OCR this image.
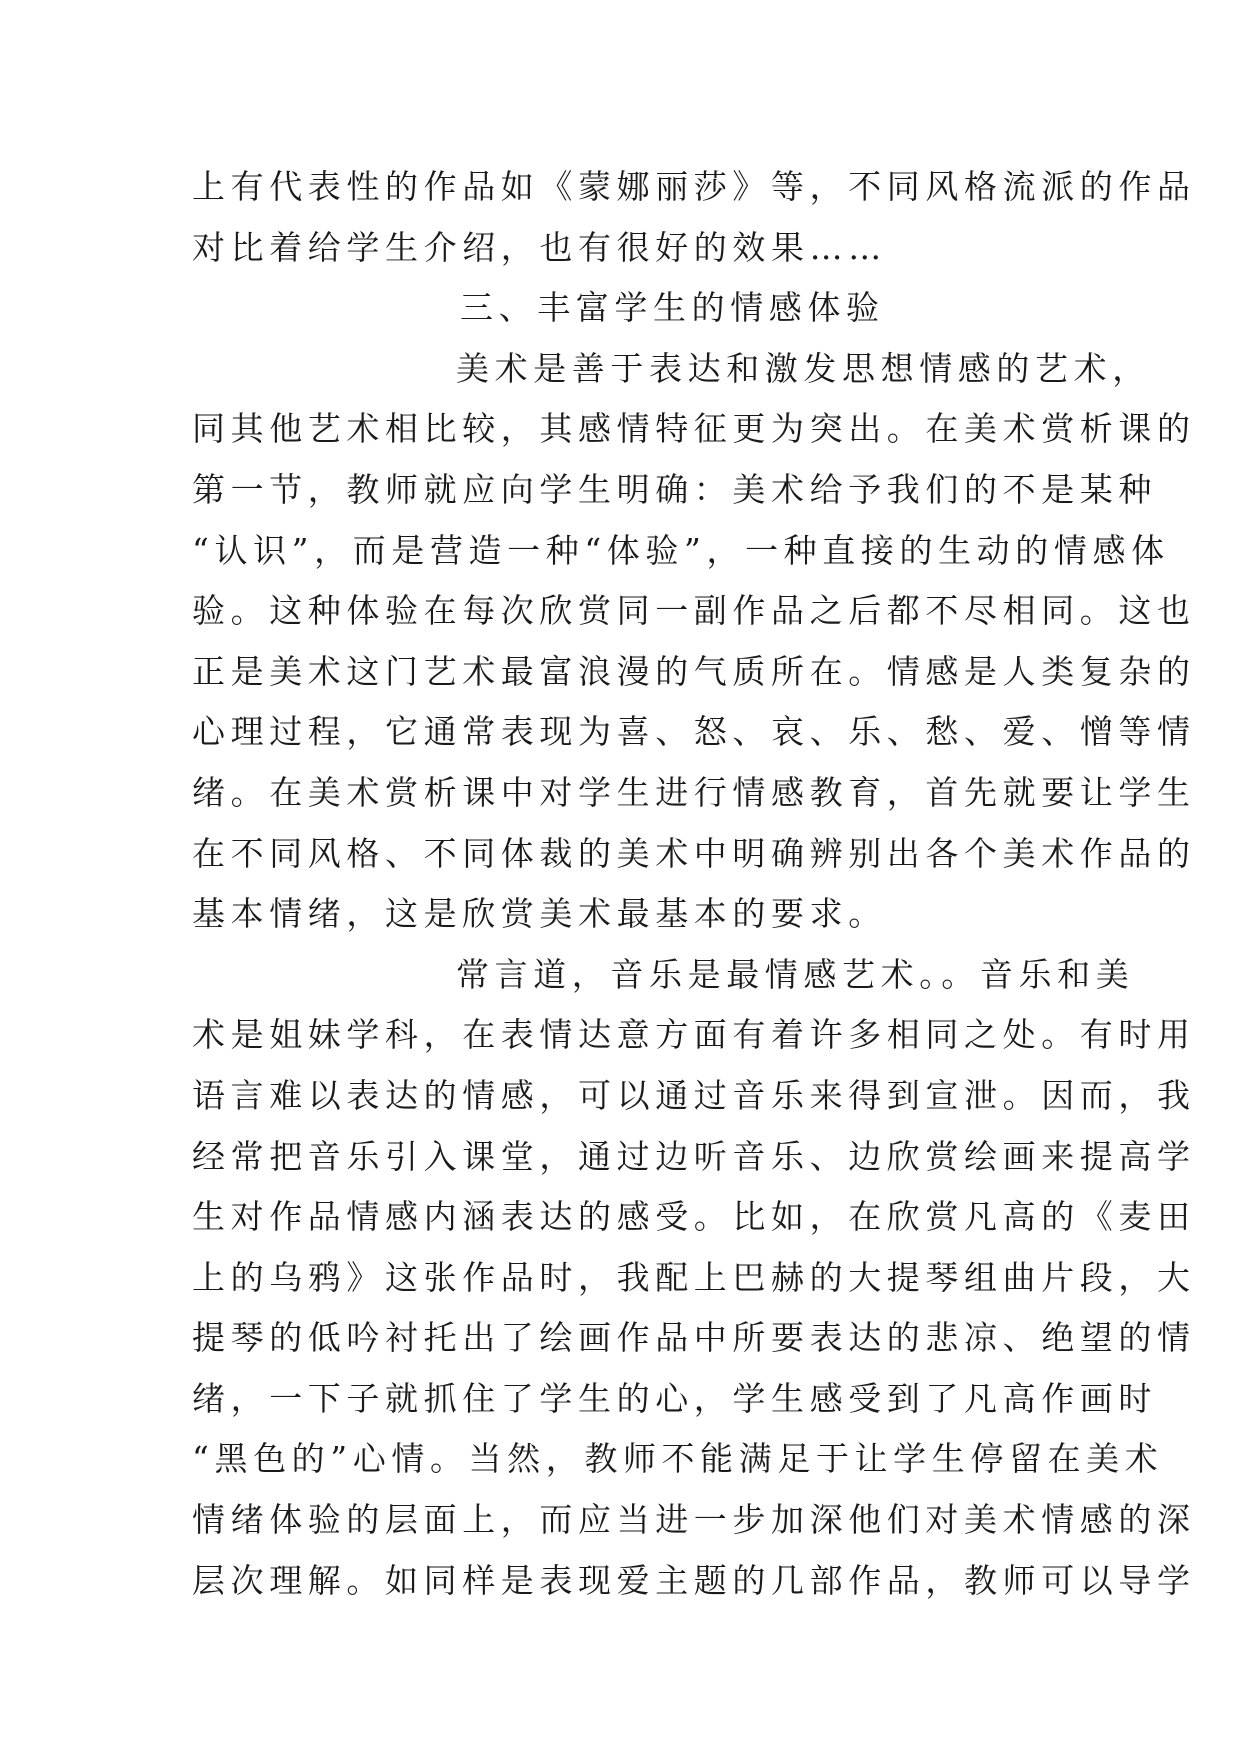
上有代表性的作品如《蒙娜丽莎》等，不同风格流派的作品
对比着给学生介绍，也有很好的效果……
三、丰富学生的情感体验
美术是善于表达和激发思想情感的艺术，
同其他艺术相比较，其感情特征更为突出。在美术赏析课的
第一节，教师就应向学生明确：美术给予我们的不是某种
“认识”，而是营造一种“体验”，一种直接的生动的情感体
验。这种体验在每次欣赏同一副作品之后都不尽相同。这也
正是美术这门艺术最富浪漫的气质所在。情感是人类复杂的
心理过程，它通常表现为喜、怒、哀、乐、愁、爱、憎等情
绪。在美术赏析课中对学生进行情感教育，首先就要让学生
在不同风格、不同体裁的美术中明确辨别出各个美术作品的
基本情绪，这是欣赏美术最基本的要求。
常言道，音乐是最情感艺术。。音乐和美
术是姐妹学科，在表情达意方面有着许多相同之处。有时用
语言难以表达的情感，可以通过音乐来得到宣泄。因而，我
经常把音乐引入课堂，通过边听音乐、边欣赏绘画来提高学
生对作品情感内涵表达的感受。比如，在欣赏凡高的《麦田
上的乌鸦》这张作品时，我配上巴赫的大提琴组曲片段，大
提琴的低吟衬托出了绘画作品中所要表达的悲凉、绝望的情
绪，一下子就抓住了学生的心，学生感受到了凡高作画时
“黑色的”心情。当然，教师不能满足于让学生停留在美术
情绪体验的层面上，而应当进一步加深他们对美术情感的深
层次理解。如同样是表现爱主题的几部作品，教师可以导学
